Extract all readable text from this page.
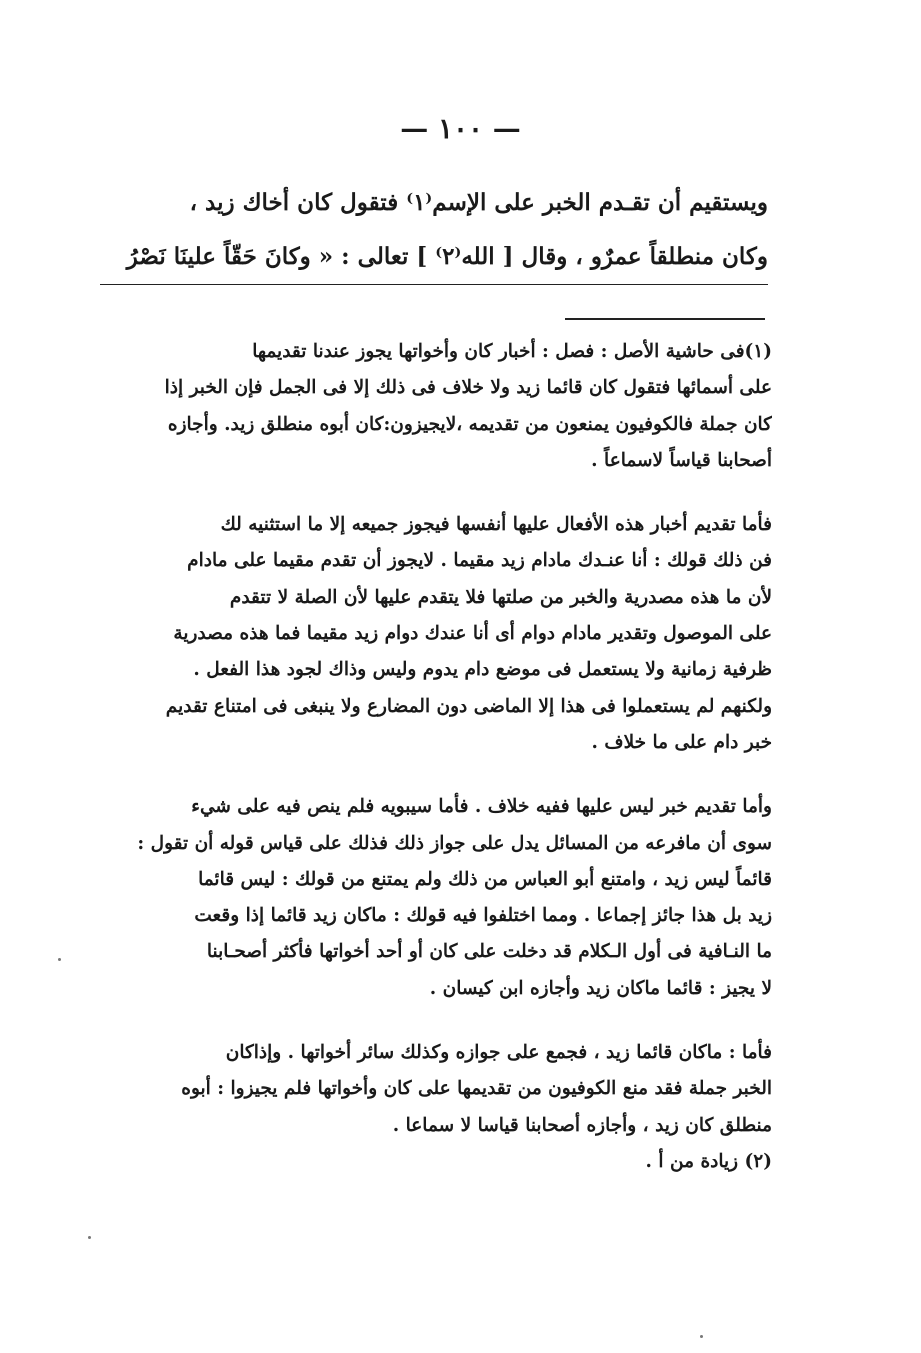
— ١٠٠ —
ويستقيم أن تقـدم الخبر على الإسم⁽١⁾ فتقول كان أخاك زيد ،
وكان منطلقاً عمرٌو ، وقال [ الله⁽٢⁾ ] تعالى : « وكانَ حَقّاً علينَا نَصْرُ
(١)فى حاشية الأصل : فصل : أخبار كان وأخواتها يجوز عندنا تقديمها
على أسمائها فتقول كان قائما زيد ولا خلاف فى ذلك إلا فى الجمل فإن الخبر إذا
كان جملة فالكوفيون يمنعون من تقديمه ،لايجيزون:كان أبوه منطلق زيد. وأجازه
أصحابنا قياساً لاسماعاً .
فأما تقديم أخبار هذه الأفعال عليها أنفسها فيجوز جميعه إلا ما استثنيه لك
فن ذلك قولك : أنا عنـدك مادام زيد مقيما . لايجوز أن تقدم مقيما على مادام
لأن ما هذه مصدرية والخبر من صلتها فلا يتقدم عليها لأن الصلة لا تتقدم
على الموصول وتقدير مادام دوام أى أنا عندك دوام زيد مقيما فما هذه مصدرية
ظرفية زمانية ولا يستعمل فى موضع دام يدوم وليس وذاك لجود هذا الفعل .
ولكنهم لم يستعملوا فى هذا إلا الماضى دون المضارع ولا ينبغى فى امتناع تقديم
خبر دام على ما خلاف .
وأما تقديم خبر ليس عليها ففيه خلاف . فأما سيبويه فلم ينص فيه على شيء
سوى أن مافرعه من المسائل يدل على جواز ذلك فذلك على قياس قوله أن تقول :
قائماً ليس زيد ، وامتنع أبو العباس من ذلك ولم يمتنع من قولك : ليس قائما
زيد بل هذا جائز إجماعا . ومما اختلفوا فيه قولك : ماكان زيد قائما إذا وقعت
ما النـافية فى أول الـكلام قد دخلت على كان أو أحد أخواتها فأكثر أصحـابنا
لا يجيز : قائما ماكان زيد وأجازه ابن كيسان .
فأما : ماكان قائما زيد ، فجمع على جوازه وكذلك سائر أخواتها . وإذاكان
الخبر جملة فقد منع الكوفيون من تقديمها على كان وأخواتها فلم يجيزوا : أبوه
منطلق كان زيد ، وأجازه أصحابنا قياسا لا سماعا .
(٢) زيادة من أ .
